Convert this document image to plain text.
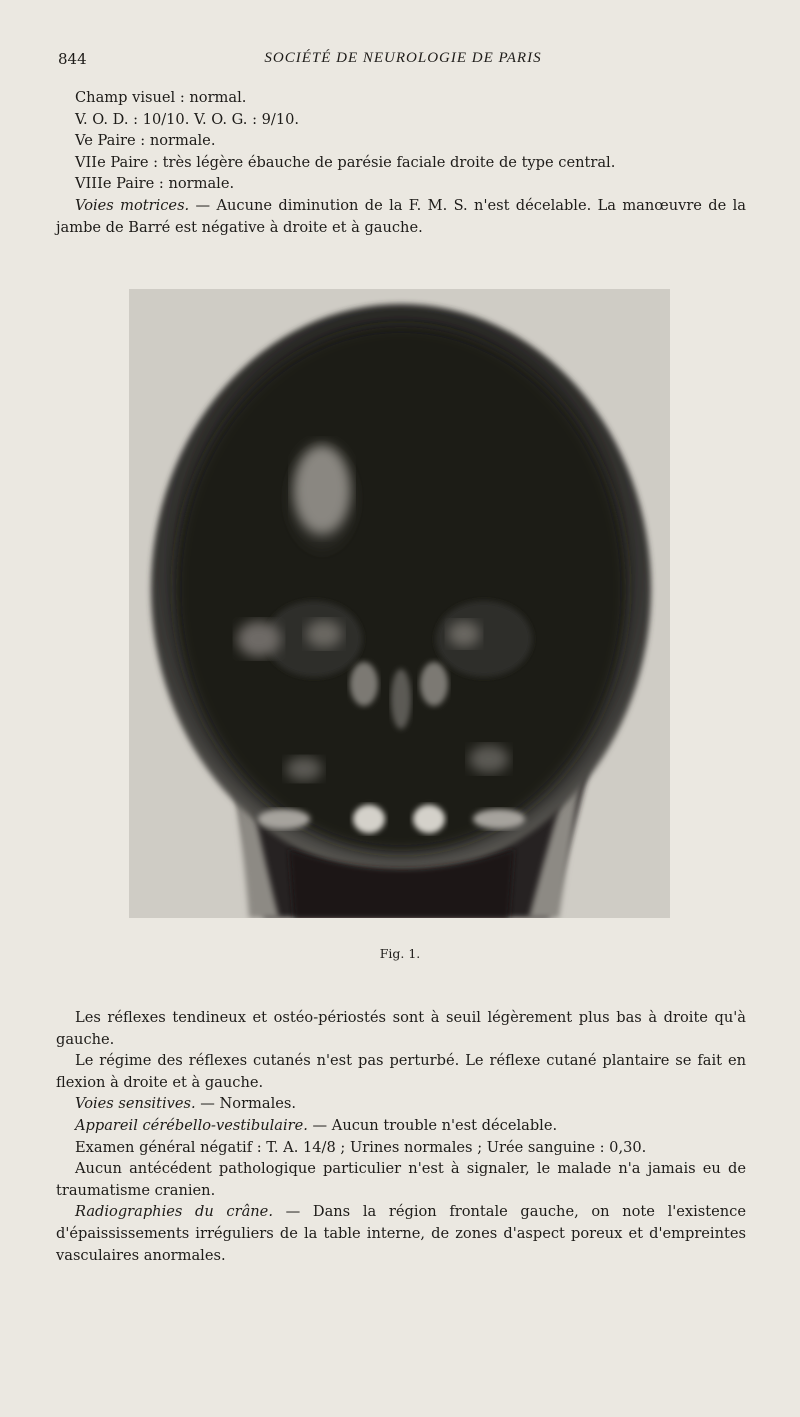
844	SOCIÉTÉ DE NEUROLOGIE DE PARIS

Champ visuel : normal.

V. O. D. : 10/10. V. O. G. : 9/10.

Ve Paire : normale.

VIIe Paire : très légère ébauche de parésie faciale droite de type central.

VIIIe Paire : normale.

Voies motrices. — Aucune diminution de la F. M. S. n'est décelable. La manœuvre de la jambe de Barré est négative à droite et à gauche.

Fig. 1.

Les réflexes tendineux et ostéo-périostés sont à seuil légèrement plus bas à droite qu'à gauche.

Le régime des réflexes cutanés n'est pas perturbé. Le réflexe cutané plantaire se fait en flexion à droite et à gauche.

Voies sensitives. — Normales.

Appareil cérébello-vestibulaire. — Aucun trouble n'est décelable.

Examen général négatif : T. A. 14/8 ; Urines normales ; Urée sanguine : 0,30.

Aucun antécédent pathologique particulier n'est à signaler, le malade n'a jamais eu de traumatisme cranien.

Radiographies du crâne. — Dans la région frontale gauche, on note l'existence d'épaississements irréguliers de la table interne, de zones d'aspect poreux et d'empreintes vasculaires anormales.
